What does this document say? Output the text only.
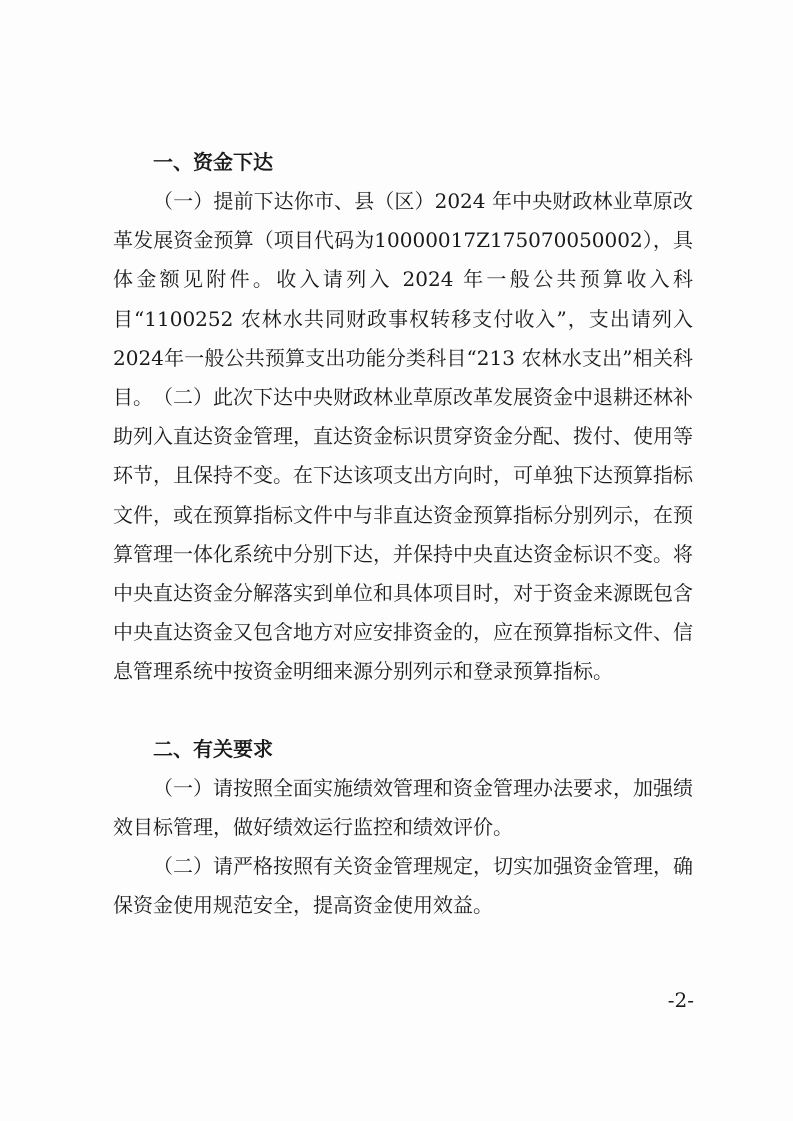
一、资金下达
（一）提前下达你市、县（区）2024 年中央财政林业草原改革发展资金预算（项目代码为10000017Z175070050002），具体金额见附件。收入请列入 2024 年一般公共预算收入科目“1100252 农林水共同财政事权转移支付收入”，支出请列入2024年一般公共预算支出功能分类科目“213 农林水支出”相关科目。 （二）此次下达中央财政林业草原改革发展资金中退耕还林补助列入直达资金管理，直达资金标识贯穿资金分配、拨付、使用等环节，且保持不变。在下达该项支出方向时，可单独下达预算指标文件，或在预算指标文件中与非直达资金预算指标分别列示，在预算管理一体化系统中分别下达，并保持中央直达资金标识不变。将中央直达资金分解落实到单位和具体项目时，对于资金来源既包含中央直达资金又包含地方对应安排资金的，应在预算指标文件、信息管理系统中按资金明细来源分别列示和登录预算指标。
二、有关要求
（一）请按照全面实施绩效管理和资金管理办法要求，加强绩效目标管理，做好绩效运行监控和绩效评价。
（二）请严格按照有关资金管理规定，切实加强资金管理，确保资金使用规范安全，提高资金使用效益。
-2-
